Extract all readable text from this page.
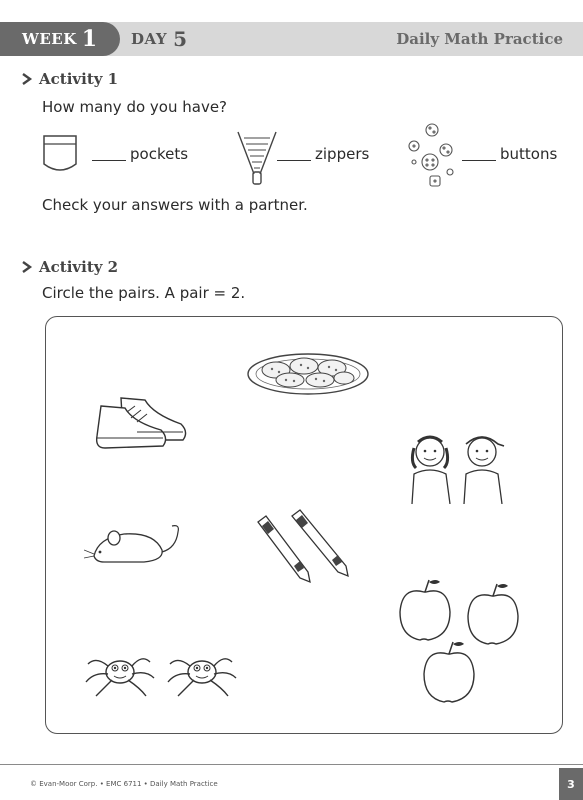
WEEK 1 DAY 5	Daily Math Practice
Activity 1
How many do you have?
pockets	zippers	buttons
Check your answers with a partner.
Activity 2
Circle the pairs. A pair = 2.
© Evan-Moor Corp. • EMC 6711 • Daily Math Practice	3
